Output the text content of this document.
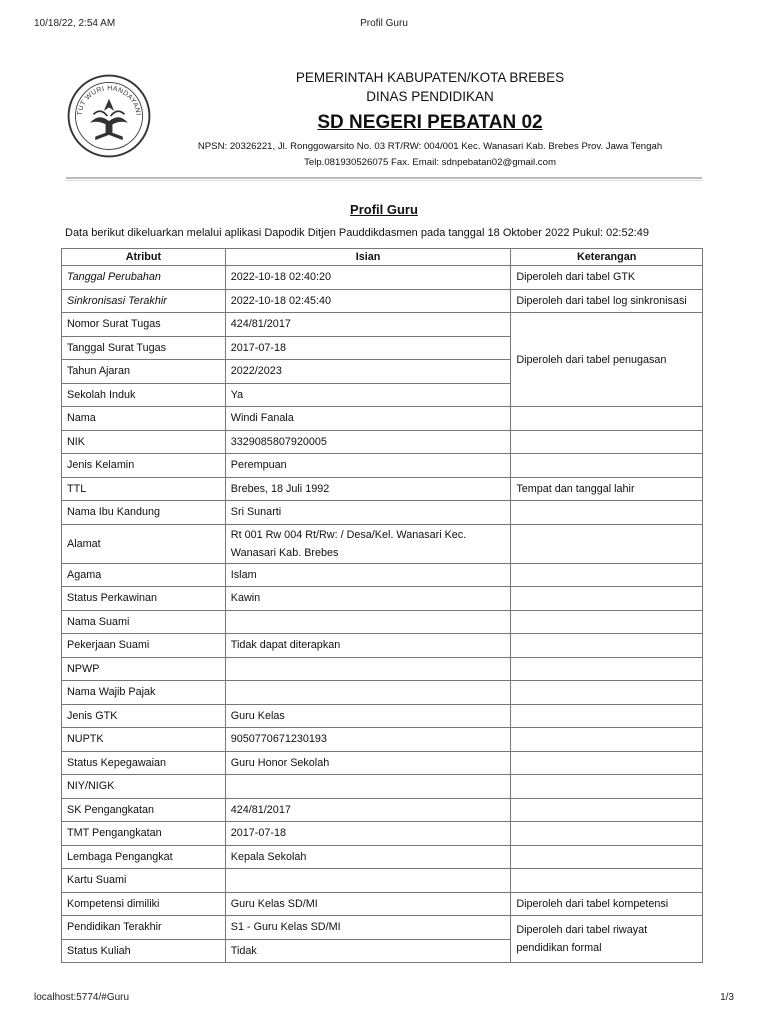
10/18/22, 2:54 AM	Profil Guru
TUT WURI HANDAYANI
PEMERINTAH KABUPATEN/KOTA BREBES
DINAS PENDIDIKAN
SD NEGERI PEBATAN 02
NPSN: 20326221, Jl. Ronggowarsito No. 03 RT/RW: 004/001 Kec. Wanasari Kab. Brebes Prov. Jawa Tengah
Telp.081930526075 Fax. Email: sdnpebatan02@gmail.com
Profil Guru
Data berikut dikeluarkan melalui aplikasi Dapodik Ditjen Pauddikdasmen pada tanggal 18 Oktober 2022 Pukul: 02:52:49
Atribut	Isian	Keterangan
Tanggal Perubahan	2022-10-18 02:40:20	Diperoleh dari tabel GTK
Sinkronisasi Terakhir	2022-10-18 02:45:40	Diperoleh dari tabel log sinkronisasi
Nomor Surat Tugas	424/81/2017	Diperoleh dari tabel penugasan
Tanggal Surat Tugas	2017-07-18	
Tahun Ajaran	2022/2023	
Sekolah Induk	Ya	
Nama	Windi Fanala	
NIK	3329085807920005	
Jenis Kelamin	Perempuan	
TTL	Brebes, 18 Juli 1992	Tempat dan tanggal lahir
Nama Ibu Kandung	Sri Sunarti	
Alamat	Rt 001 Rw 004 Rt/Rw: / Desa/Kel. Wanasari Kec. Wanasari Kab. Brebes	
Agama	Islam	
Status Perkawinan	Kawin	
Nama Suami		
Pekerjaan Suami	Tidak dapat diterapkan	
NPWP		
Nama Wajib Pajak		
Jenis GTK	Guru Kelas	
NUPTK	9050770671230193	
Status Kepegawaian	Guru Honor Sekolah	
NIY/NIGK		
SK Pengangkatan	424/81/2017	
TMT Pengangkatan	2017-07-18	
Lembaga Pengangkat	Kepala Sekolah	
Kartu Suami		
Kompetensi dimiliki	Guru Kelas SD/MI	Diperoleh dari tabel kompetensi
Pendidikan Terakhir	S1 - Guru Kelas SD/MI	Diperoleh dari tabel riwayat pendidikan formal
Status Kuliah	Tidak	
localhost:5774/#Guru	1/3
